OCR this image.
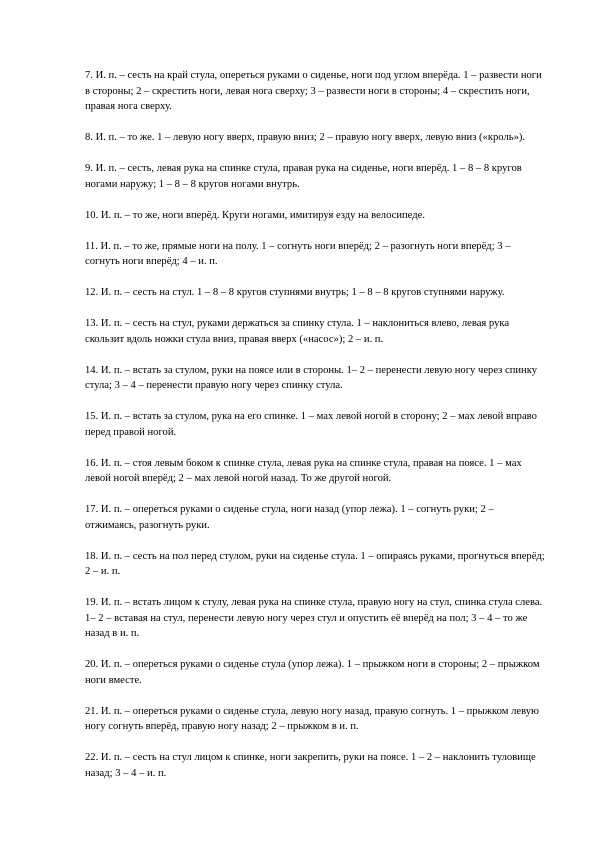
7. И. п. – сесть на край стула, опереться руками о сиденье, ноги под углом вперёда. 1 – развести ноги в стороны; 2 – скрестить ноги, левая нога сверху; 3 – развести ноги в стороны; 4 – скрестить ноги, правая нога сверху.

8. И. п. – то же. 1 – левую ногу вверх, правую вниз; 2 – правую ногу вверх, левую вниз («кроль»).

9. И. п. – сесть, левая рука на спинке стула, правая рука на сиденье, ноги вперёд. 1 – 8 – 8 кругов ногами наружу; 1 – 8 – 8 кругов ногами внутрь.

10. И. п. – то же, ноги вперёд. Круги ногами, имитируя езду на велосипеде.

11. И. п. – то же, прямые ноги на полу. 1 – согнуть ноги вперёд; 2 – разогнуть ноги вперёд; 3 – согнуть ноги вперёд; 4 – и. п.

12. И. п. – сесть на стул. 1 – 8 – 8 кругов ступнями внутрь; 1 – 8 – 8 кругов ступнями наружу.

13. И. п. – сесть на стул, руками держаться за спинку стула. 1 – наклониться влево, левая рука скользит вдоль ножки стула вниз, правая вверх («насос»); 2 – и. п.

14. И. п. – встать за стулом, руки на поясе или в стороны. 1– 2 – перенести левую ногу через спинку стула; 3 – 4 – перенести правую ногу через спинку стула.

15. И. п. – встать за стулом, рука на его спинке. 1 – мах левой ногой в сторону; 2 – мах левой вправо перед правой ногой.

16. И. п. – стоя левым боком к спинке стула, левая рука на спинке стула, правая на поясе. 1 – мах левой ногой вперёд; 2 – мах левой ногой назад. То же другой ногой.

17. И. п. – опереться руками о сиденье стула, ноги назад (упор лежа). 1 – согнуть руки; 2 – отжимаясь, разогнуть руки.

18. И. п. – сесть на пол перед стулом, руки на сиденье стула. 1 – опираясь руками, прогнуться вперёд; 2 – и. п.

19. И. п. – встать лицом к стулу, левая рука на спинке стула, правую ногу на стул, спинка стула слева. 1– 2 – вставая на стул, перенести левую ногу через стул и опустить её вперёд на пол; 3 – 4 – то же назад в и. п.

20. И. п. – опереться руками о сиденье стула (упор лежа). 1 – прыжком ноги в стороны; 2 – прыжком ноги вместе.

21. И. п. – опереться руками о сиденье стула, левую ногу назад, правую согнуть. 1 – прыжком левую ногу согнуть вперёд, правую ногу назад; 2 – прыжком в и. п.

22. И. п. – сесть на стул лицом к спинке, ноги закрепить, руки на поясе. 1 – 2 – наклонить туловище назад; 3 – 4 – и. п.
